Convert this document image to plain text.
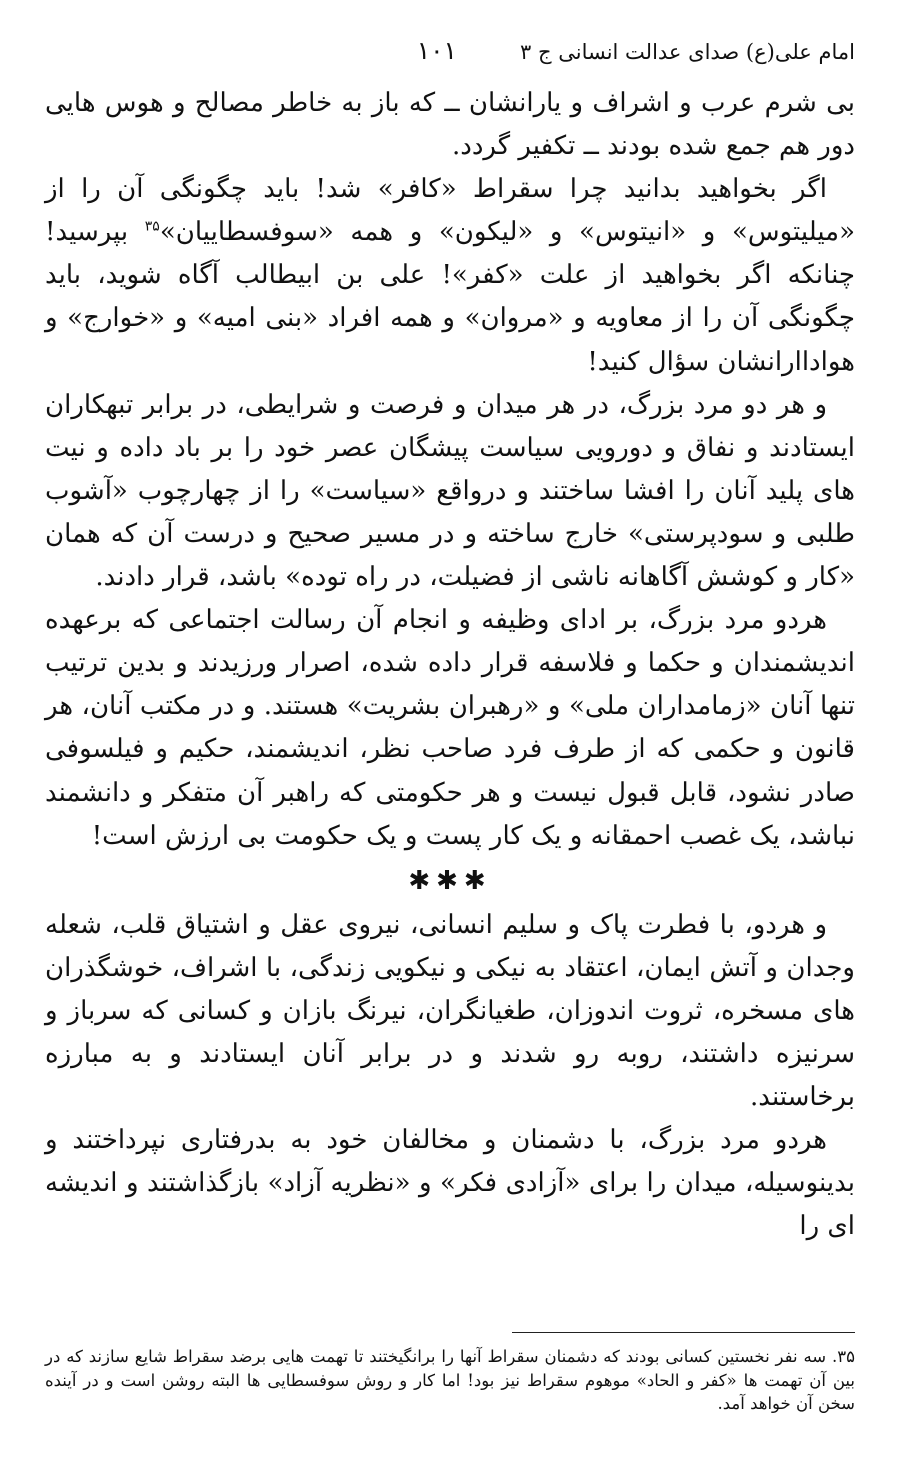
امام علی(ع) صدای عدالت انسانی ج ۳
۱۰۱

بی شرم عرب و اشراف و یارانشان ــ که باز به خاطر مصالح و هوس هایی دور هم جمع شده بودند ــ تکفیر گردد.

اگر بخواهید بدانید چرا سقراط «کافر» شد! باید چگونگی آن را از «میلیتوس» و «انیتوس» و «لیکون» و همه «سوفسطاییان»$^{۳۵}$ بپرسید! چنانکه اگر بخواهید از علت «کفر»! علی بن ابیطالب آگاه شوید، باید چگونگی آن را از معاویه و «مروان» و همه افراد «بنی امیه» و «خوارج» و هواداارانشان سؤال کنید!

و هر دو مرد بزرگ، در هر میدان و فرصت و شرایطی، در برابر تبهکاران ایستادند و نفاق و دورویی سیاست پیشگان عصر خود را بر باد داده و نیت های پلید آنان را افشا ساختند و درواقع «سیاست» را از چهارچوب «آشوب طلبی و سودپرستی» خارج ساخته و در مسیر صحیح و درست آن که همان «کار و کوشش آگاهانه ناشی از فضیلت، در راه توده» باشد، قرار دادند.

هردو مرد بزرگ، بر ادای وظیفه و انجام آن رسالت اجتماعی که برعهده اندیشمندان و حکما و فلاسفه قرار داده شده، اصرار ورزیدند و بدین ترتیب تنها آنان «زمامداران ملی» و «رهبران بشریت» هستند. و در مکتب آنان، هر قانون و حکمی که از طرف فرد صاحب نظر، اندیشمند، حکیم و فیلسوفی صادر نشود، قابل قبول نیست و هر حکومتی که راهبر آن متفکر و دانشمند نباشد، یک غصب احمقانه و یک کار پست و یک حکومت بی ارزش است!

✱✱✱

و هردو، با فطرت پاک و سلیم انسانی، نیروی عقل و اشتیاق قلب، شعله وجدان و آتش ایمان، اعتقاد به نیکی و نیکویی زندگی، با اشراف، خوشگذران های مسخره، ثروت اندوزان، طغیانگران، نیرنگ بازان و کسانی که سرباز و سرنیزه داشتند، روبه رو شدند و در برابر آنان ایستادند و به مبارزه برخاستند.

هردو مرد بزرگ، با دشمنان و مخالفان خود به بدرفتاری نپرداختند و بدینوسیله، میدان را برای «آزادی فکر» و «نظریه آزاد» بازگذاشتند و اندیشه ای را

۳۵. سه نفر نخستین کسانی بودند که دشمنان سقراط آنها را برانگیختند تا تهمت هایی برضد سقراط شایع سازند که در بین آن تهمت ها «کفر و الحاد» موهوم سقراط نیز بود! اما کار و روش سوفسطایی ها البته روشن است و در آینده سخن آن خواهد آمد.
